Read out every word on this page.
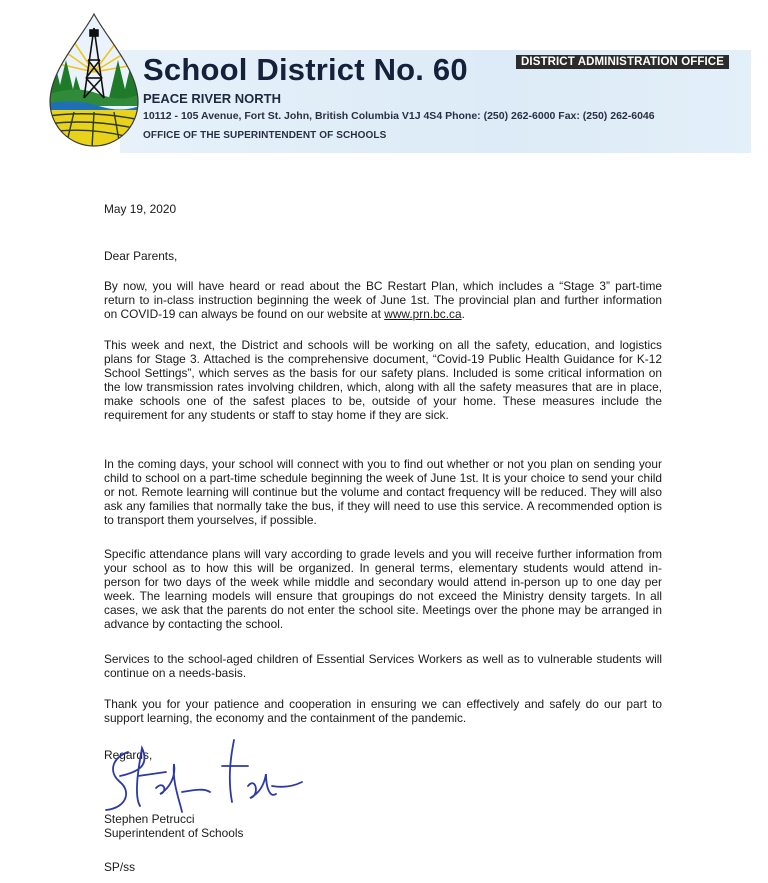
School District No. 60
PEACE RIVER NORTH
10112 - 105 Avenue, Fort St. John, British Columbia V1J 4S4 Phone: (250) 262-6000 Fax: (250) 262-6046
OFFICE OF THE SUPERINTENDENT OF SCHOOLS
DISTRICT ADMINISTRATION OFFICE
May 19, 2020
Dear Parents,
By now, you will have heard or read about the BC Restart Plan, which includes a “Stage 3” part-time return to in-class instruction beginning the week of June 1st. The provincial plan and further information on COVID-19 can always be found on our website at www.prn.bc.ca.
This week and next, the District and schools will be working on all the safety, education, and logistics plans for Stage 3. Attached is the comprehensive document, “Covid-19 Public Health Guidance for K-12 School Settings”, which serves as the basis for our safety plans. Included is some critical information on the low transmission rates involving children, which, along with all the safety measures that are in place, make schools one of the safest places to be, outside of your home. These measures include the requirement for any students or staff to stay home if they are sick.
In the coming days, your school will connect with you to find out whether or not you plan on sending your child to school on a part-time schedule beginning the week of June 1st. It is your choice to send your child or not. Remote learning will continue but the volume and contact frequency will be reduced. They will also ask any families that normally take the bus, if they will need to use this service. A recommended option is to transport them yourselves, if possible.
Specific attendance plans will vary according to grade levels and you will receive further information from your school as to how this will be organized. In general terms, elementary students would attend in-person for two days of the week while middle and secondary would attend in-person up to one day per week. The learning models will ensure that groupings do not exceed the Ministry density targets. In all cases, we ask that the parents do not enter the school site. Meetings over the phone may be arranged in advance by contacting the school.
Services to the school-aged children of Essential Services Workers as well as to vulnerable students will continue on a needs-basis.
Thank you for your patience and cooperation in ensuring we can effectively and safely do our part to support learning, the economy and the containment of the pandemic.
Regards,
Stephen Petrucci
Superintendent of Schools
SP/ss
